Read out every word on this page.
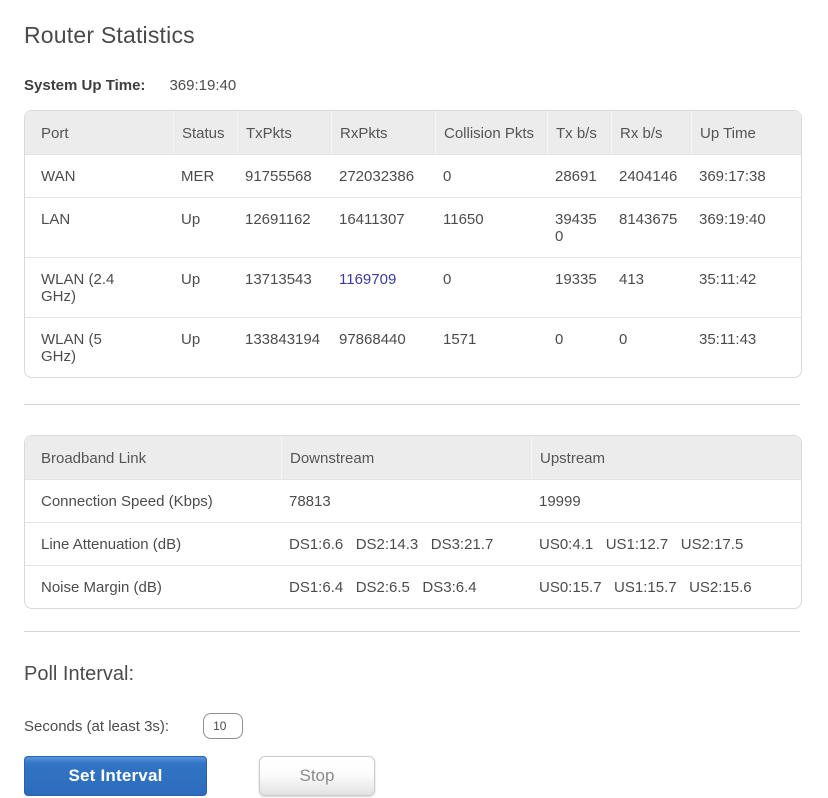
Router Statistics
System Up Time: 369:19:40
Port	Status	TxPkts	RxPkts	Collision Pkts	Tx b/s	Rx b/s	Up Time
WAN	MER	91755568	272032386	0	28691	2404146	369:17:38
LAN	Up	12691162	16411307	11650	394350	8143675	369:19:40
WLAN (2.4 GHz)	Up	13713543	1169709	0	19335	413	35:11:42
WLAN (5 GHz)	Up	133843194	97868440	1571	0	0	35:11:43
Broadband Link	Downstream	Upstream
Connection Speed (Kbps)	78813	19999
Line Attenuation (dB)	DS1:6.6   DS2:14.3   DS3:21.7	US0:4.1   US1:12.7   US2:17.5
Noise Margin (dB)	DS1:6.4   DS2:6.5   DS3:6.4	US0:15.7   US1:15.7   US2:15.6
Poll Interval:
Seconds (at least 3s):
10
Set Interval	Stop
